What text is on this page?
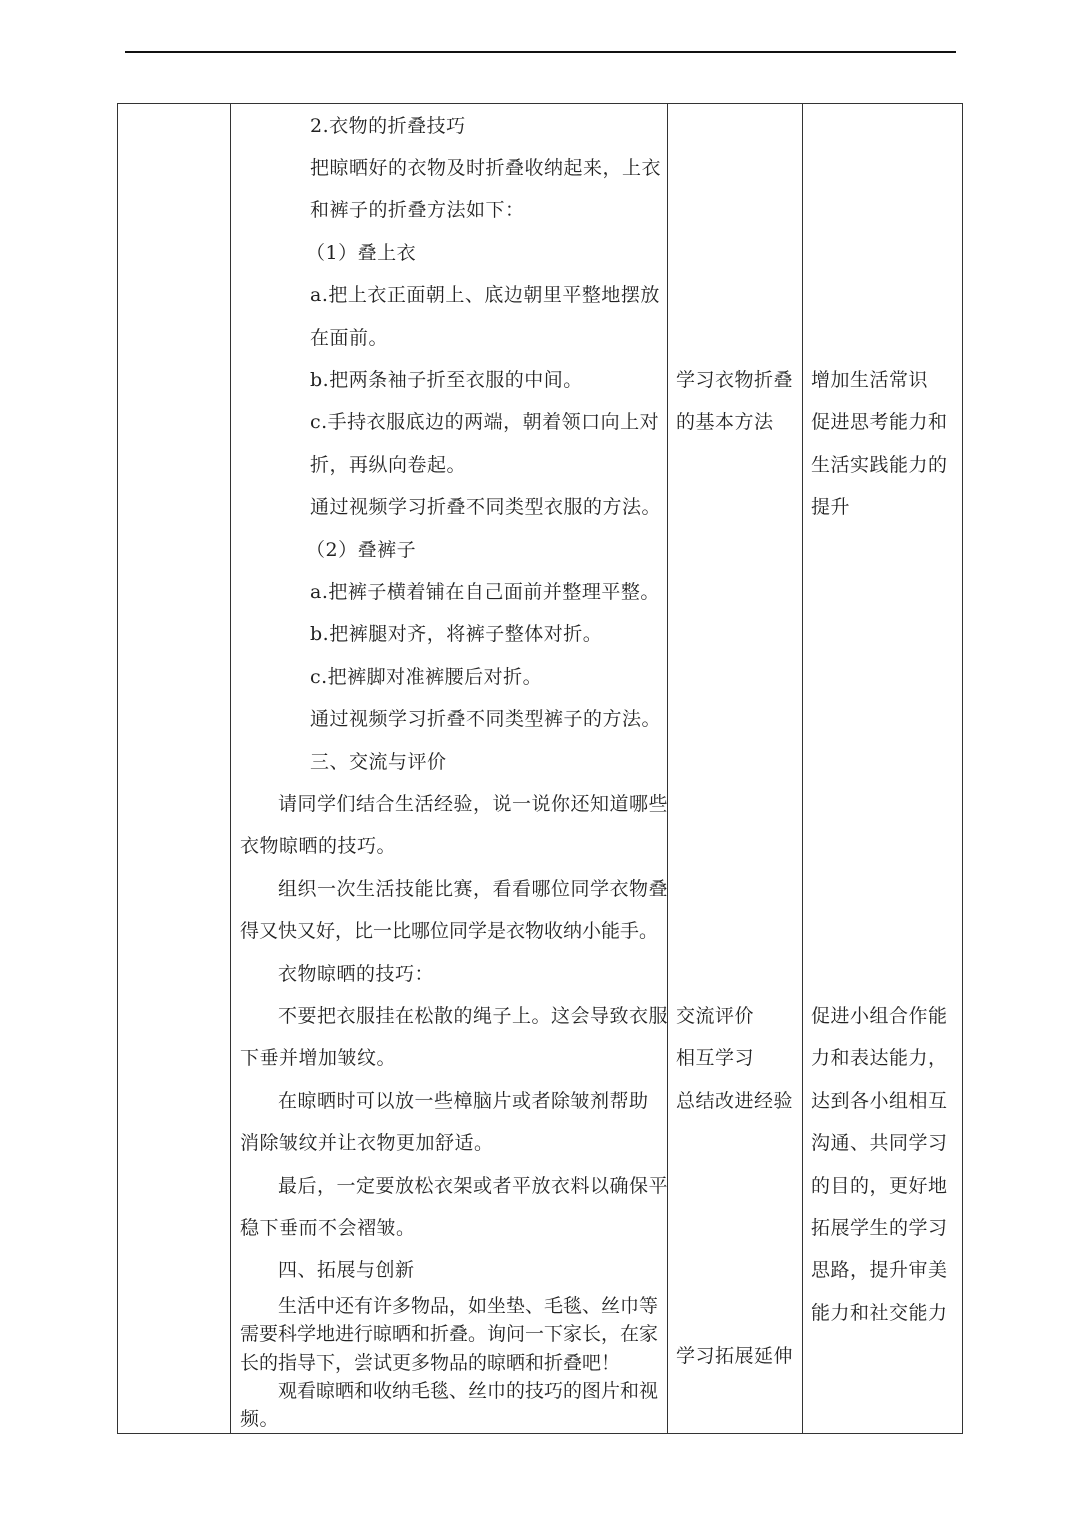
2.衣物的折叠技巧
把晾晒好的衣物及时折叠收纳起来，上衣
和裤子的折叠方法如下：
（1）叠上衣
a.把上衣正面朝上、底边朝里平整地摆放
在面前。
b.把两条袖子折至衣服的中间。
c.手持衣服底边的两端，朝着领口向上对
折，再纵向卷起。
通过视频学习折叠不同类型衣服的方法。
（2）叠裤子
a.把裤子横着铺在自己面前并整理平整。
b.把裤腿对齐，将裤子整体对折。
c.把裤脚对准裤腰后对折。
通过视频学习折叠不同类型裤子的方法。
三、交流与评价
请同学们结合生活经验，说一说你还知道哪些
衣物晾晒的技巧。
组织一次生活技能比赛，看看哪位同学衣物叠
得又快又好，比一比哪位同学是衣物收纳小能手。
衣物晾晒的技巧：
不要把衣服挂在松散的绳子上。这会导致衣服
下垂并增加皱纹。
在晾晒时可以放一些樟脑片或者除皱剂帮助
消除皱纹并让衣物更加舒适。
最后，一定要放松衣架或者平放衣料以确保平
稳下垂而不会褶皱。
四、拓展与创新
生活中还有许多物品，如坐垫、毛毯、丝巾等
需要科学地进行晾晒和折叠。询问一下家长，在家
长的指导下，尝试更多物品的晾晒和折叠吧！
观看晾晒和收纳毛毯、丝巾的技巧的图片和视
频。
学习衣物折叠
的基本方法
交流评价
相互学习
总结改进经验
学习拓展延伸
增加生活常识
促进思考能力和
生活实践能力的
提升
促进小组合作能
力和表达能力，
达到各小组相互
沟通、共同学习
的目的，更好地
拓展学生的学习
思路，提升审美
能力和社交能力
